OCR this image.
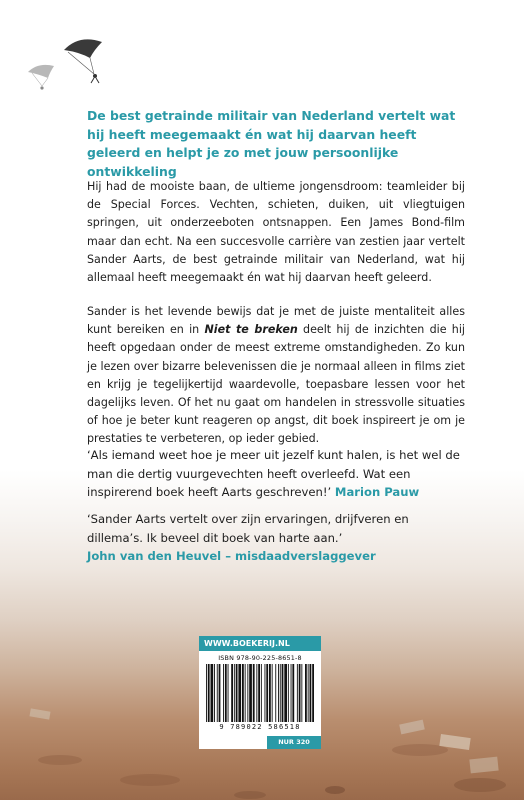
De best getrainde militair van Nederland vertelt wat hij heeft meegemaakt én wat hij daarvan heeft geleerd en helpt je zo met jouw persoonlijke ontwikkeling

Hij had de mooiste baan, de ultieme jongensdroom: teamleider bij de Special Forces. Vechten, schieten, duiken, uit vliegtuigen springen, uit onderzeeboten ontsnappen. Een James Bond-film maar dan echt. Na een succesvolle carrière van zestien jaar vertelt Sander Aarts, de best getrainde militair van Nederland, wat hij allemaal heeft meegemaakt én wat hij daarvan heeft geleerd.

Sander is het levende bewijs dat je met de juiste mentaliteit alles kunt bereiken en in Niet te breken deelt hij de inzichten die hij heeft opgedaan onder de meest extreme omstandigheden. Zo kun je lezen over bizarre belevenissen die je normaal alleen in films ziet en krijg je tegelijkertijd waardevolle, toepasbare lessen voor het dagelijks leven. Of het nu gaat om handelen in stressvolle situaties of hoe je beter kunt reageren op angst, dit boek inspireert je om je prestaties te verbeteren, op ieder gebied.

‘Als iemand weet hoe je meer uit jezelf kunt halen, is het wel de man die dertig vuurgevechten heeft overleefd. Wat een inspirerend boek heeft Aarts geschreven!’ Marion Pauw

‘Sander Aarts vertelt over zijn ervaringen, drijfveren en dillema’s. Ik beveel dit boek van harte aan.’
John van den Heuvel – misdaadverslaggever

WWW.BOEKERIJ.NL
ISBN 978-90-225-8651-8
9 789022 586518
NUR 320
